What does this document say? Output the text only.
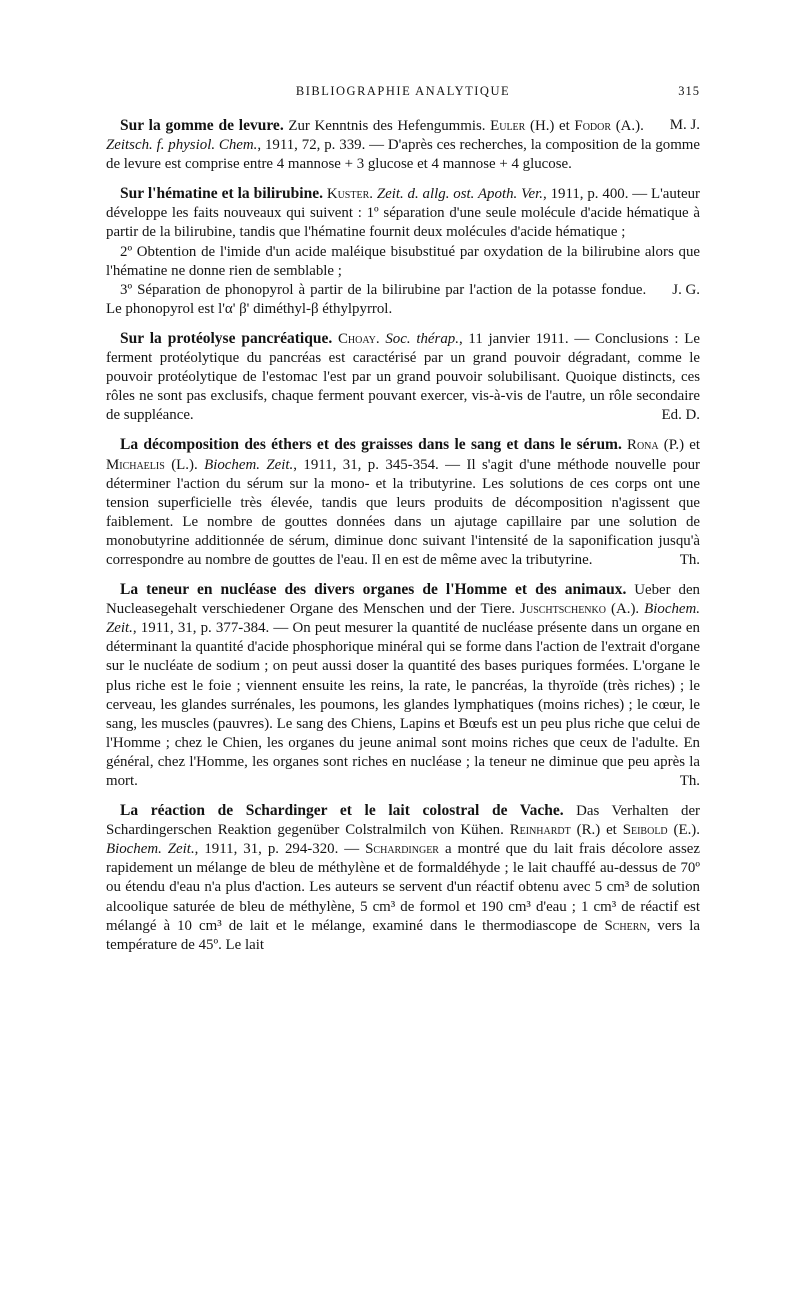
BIBLIOGRAPHIE ANALYTIQUE	315

M. J.
Sur la gomme de levure. Zur Kenntnis des Hefengummis. Euler (H.) et Fodor (A.). Zeitsch. f. physiol. Chem., 1911, 72, p. 339. — D'après ces recherches, la composition de la gomme de levure est comprise entre 4 mannose + 3 glucose et 4 mannose + 4 glucose.

Sur l'hématine et la bilirubine. Kuster. Zeit. d. allg. ost. Apoth. Ver., 1911, p. 400. — L'auteur développe les faits nouveaux qui suivent : 1º séparation d'une seule molécule d'acide hématique à partir de la bilirubine, tandis que l'hématine fournit deux molécules d'acide hématique ;

2º Obtention de l'imide d'un acide maléique bisubstitué par oxydation de la bilirubine alors que l'hématine ne donne rien de semblable ;

J. G.
3º Séparation de phonopyrol à partir de la bilirubine par l'action de la potasse fondue. Le phonopyrol est l'α' β' diméthyl-β éthylpyrrol.

Sur la protéolyse pancréatique. Choay. Soc. thérap., 11 janvier 1911. — Conclusions : Le ferment protéolytique du pancréas est caractérisé par un grand pouvoir dégradant, comme le pouvoir protéolytique de l'estomac l'est par un grand pouvoir solubilisant. Quoique distincts, ces rôles ne sont pas exclusifs, chaque ferment pouvant exercer, vis-à-vis de l'autre, un rôle secondaire de suppléance.	Ed. D.

La décomposition des éthers et des graisses dans le sang et dans le sérum. Rona (P.) et Michaelis (L.). Biochem. Zeit., 1911, 31, p. 345-354. — Il s'agit d'une méthode nouvelle pour déterminer l'action du sérum sur la mono- et la tributyrine. Les solutions de ces corps ont une tension superficielle très élevée, tandis que leurs produits de décomposition n'agissent que faiblement. Le nombre de gouttes données dans un ajutage capillaire par une solution de monobutyrine additionnée de sérum, diminue donc suivant l'intensité de la saponification jusqu'à correspondre au nombre de gouttes de l'eau. Il en est de même avec la tributyrine.	Th.

La teneur en nucléase des divers organes de l'Homme et des animaux. Ueber den Nucleasegehalt verschiedener Organe des Menschen und der Tiere. Juschtschenko (A.). Biochem. Zeit., 1911, 31, p. 377-384. — On peut mesurer la quantité de nucléase présente dans un organe en déterminant la quantité d'acide phosphorique minéral qui se forme dans l'action de l'extrait d'organe sur le nucléate de sodium ; on peut aussi doser la quantité des bases puriques formées. L'organe le plus riche est le foie ; viennent ensuite les reins, la rate, le pancréas, la thyroïde (très riches) ; le cerveau, les glandes surrénales, les poumons, les glandes lymphatiques (moins riches) ; le cœur, le sang, les muscles (pauvres). Le sang des Chiens, Lapins et Bœufs est un peu plus riche que celui de l'Homme ; chez le Chien, les organes du jeune animal sont moins riches que ceux de l'adulte. En général, chez l'Homme, les organes sont riches en nucléase ; la teneur ne diminue que peu après la mort.	Th.

La réaction de Schardinger et le lait colostral de Vache. Das Verhalten der Schardingerschen Reaktion gegenüber Colstralmilch von Kühen. Reinhardt (R.) et Seibold (E.). Biochem. Zeit., 1911, 31, p. 294-320. — Schardinger a montré que du lait frais décolore assez rapidement un mélange de bleu de méthylène et de formaldéhyde ; le lait chauffé au-dessus de 70º ou étendu d'eau n'a plus d'action. Les auteurs se servent d'un réactif obtenu avec 5 cm³ de solution alcoolique saturée de bleu de méthylène, 5 cm³ de formol et 190 cm³ d'eau ; 1 cm³ de réactif est mélangé à 10 cm³ de lait et le mélange, examiné dans le thermodiascope de Schern, vers la température de 45º. Le lait
